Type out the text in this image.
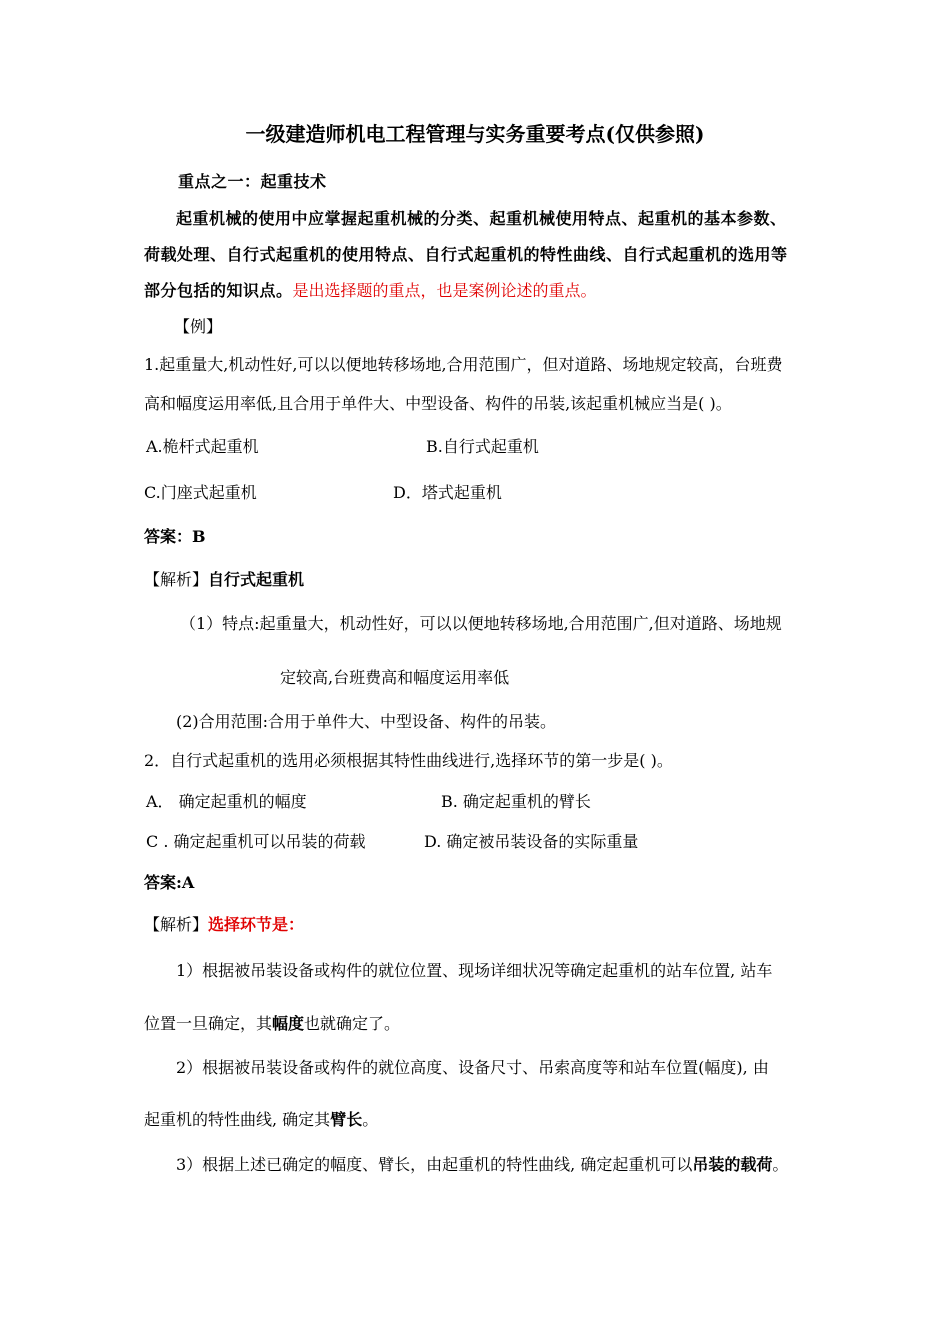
一级建造师机电工程管理与实务重要考点(仅供参照)
重点之一：起重技术
起重机械的使用中应掌握起重机械的分类、起重机械使用特点、起重机的基本参数、
荷载处理、自行式起重机的使用特点、自行式起重机的特性曲线、自行式起重机的选用等
部分包括的知识点。是出选择题的重点，也是案例论述的重点。
【例】
1.起重量大,机动性好,可以以便地转移场地,合用范围广，但对道路、场地规定较高，台班费
高和幅度运用率低,且合用于单件大、中型设备、构件的吊装,该起重机械应当是( )。
A.桅杆式起重机	B.自行式起重机
C.门座式起重机	D．塔式起重机
答案：B
【解析】自行式起重机
（1）特点:起重量大，机动性好，可以以便地转移场地,合用范围广,但对道路、场地规
定较高,台班费高和幅度运用率低
(2)合用范围:合用于单件大、中型设备、构件的吊装。
2．自行式起重机的选用必须根据其特性曲线进行,选择环节的第一步是( )。
A． 确定起重机的幅度	B. 确定起重机的臂长
C . 确定起重机可以吊装的荷载	D. 确定被吊装设备的实际重量
答案:A
【解析】选择环节是：
1）根据被吊装设备或构件的就位位置、现场详细状况等确定起重机的站车位置, 站车
位置一旦确定，其幅度也就确定了。
2）根据被吊装设备或构件的就位高度、设备尺寸、吊索高度等和站车位置(幅度), 由
起重机的特性曲线, 确定其臂长。
3）根据上述已确定的幅度、臂长，由起重机的特性曲线, 确定起重机可以吊装的载荷。
